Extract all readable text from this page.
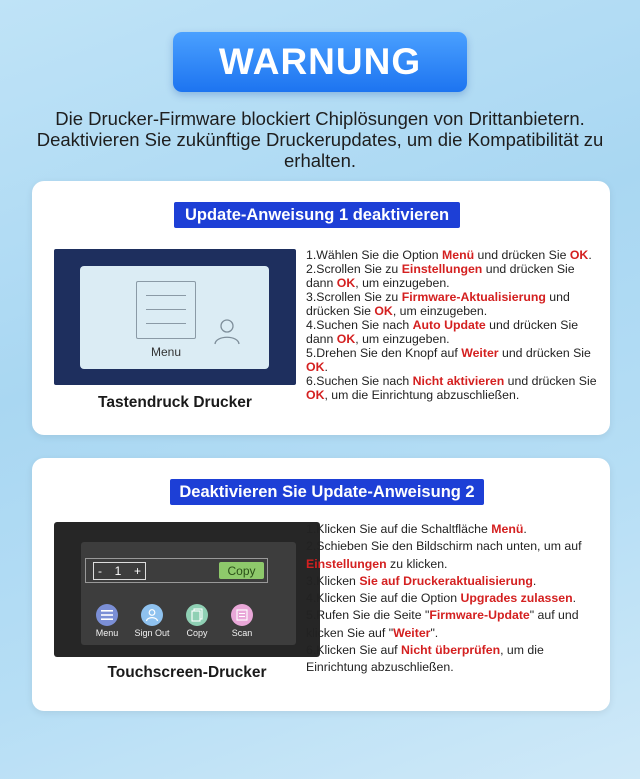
WARNUNG
Die Drucker-Firmware blockiert Chiplösungen von Drittanbietern. Deaktivieren Sie zukünftige Druckerupdates, um die Kompatibilität zu erhalten.
Update-Anweisung 1 deaktivieren
Menu
Tastendruck Drucker

1.Wählen Sie die Option Menü und drücken Sie OK.

2.Scrollen Sie zu Einstellungen und drücken Sie dann OK, um einzugeben.

3.Scrollen Sie zu Firmware-Aktualisierung und drücken Sie OK, um einzugeben.

4.Suchen Sie nach Auto Update und drücken Sie dann OK, um einzugeben.

5.Drehen Sie den Knopf auf Weiter und drücken Sie OK.

6.Suchen Sie nach Nicht aktivieren und drücken Sie OK, um die Einrichtung abzuschließen.

Deaktivieren Sie Update-Anweisung 2
- 1 +	Copy
Menu	Sign Out	Copy	Scan
Touchscreen-Drucker

1.Klicken Sie auf die Schaltfläche Menü.

2.Schieben Sie den Bildschirm nach unten, um auf Einstellungen zu klicken.

3.Klicken Sie auf Druckeraktualisierung.

4.Klicken Sie auf die Option Upgrades zulassen.

5.Rufen Sie die Seite "Firmware-Update" auf und klicken Sie auf "Weiter".

6.Klicken Sie auf Nicht überprüfen, um die Einrichtung abzuschließen.
